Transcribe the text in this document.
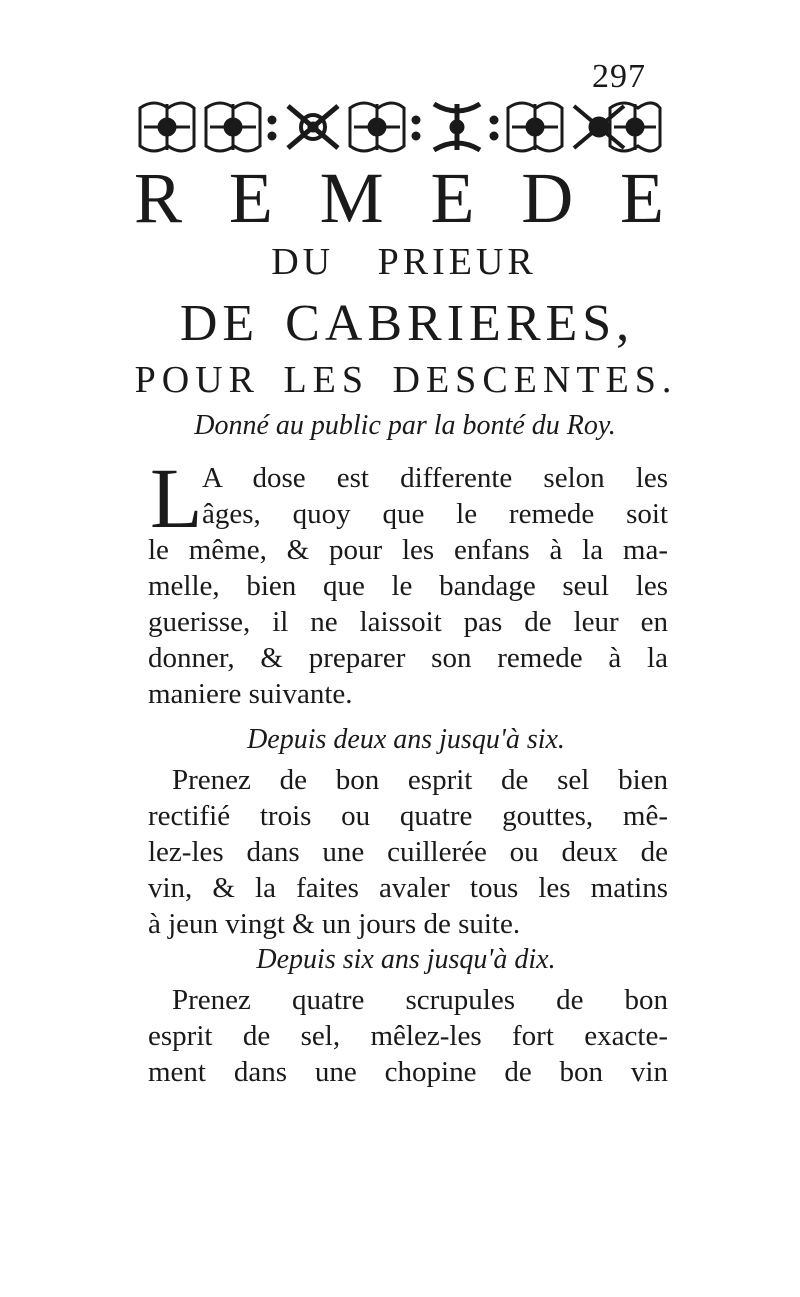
297
R E M E D E
DU PRIEUR
DE CABRIERES,
POUR LES DESCENTES.
Donné au public par la bonté du Roy.
L A dose est differente selon les
âges, quoy que le remede soit
le même, & pour les enfans à la ma-
melle, bien que le bandage seul les
guerisse, il ne laissoit pas de leur en
donner, & preparer son remede à la
maniere suivante.
Depuis deux ans jusqu'à six.
Prenez de bon esprit de sel bien
rectifié trois ou quatre gouttes, mê-
lez-les dans une cuillerée ou deux de
vin, & la faites avaler tous les matins
à jeun vingt & un jours de suite.
Depuis six ans jusqu'à dix.
Prenez quatre scrupules de bon
esprit de sel, mêlez-les fort exacte-
ment dans une chopine de bon vin
